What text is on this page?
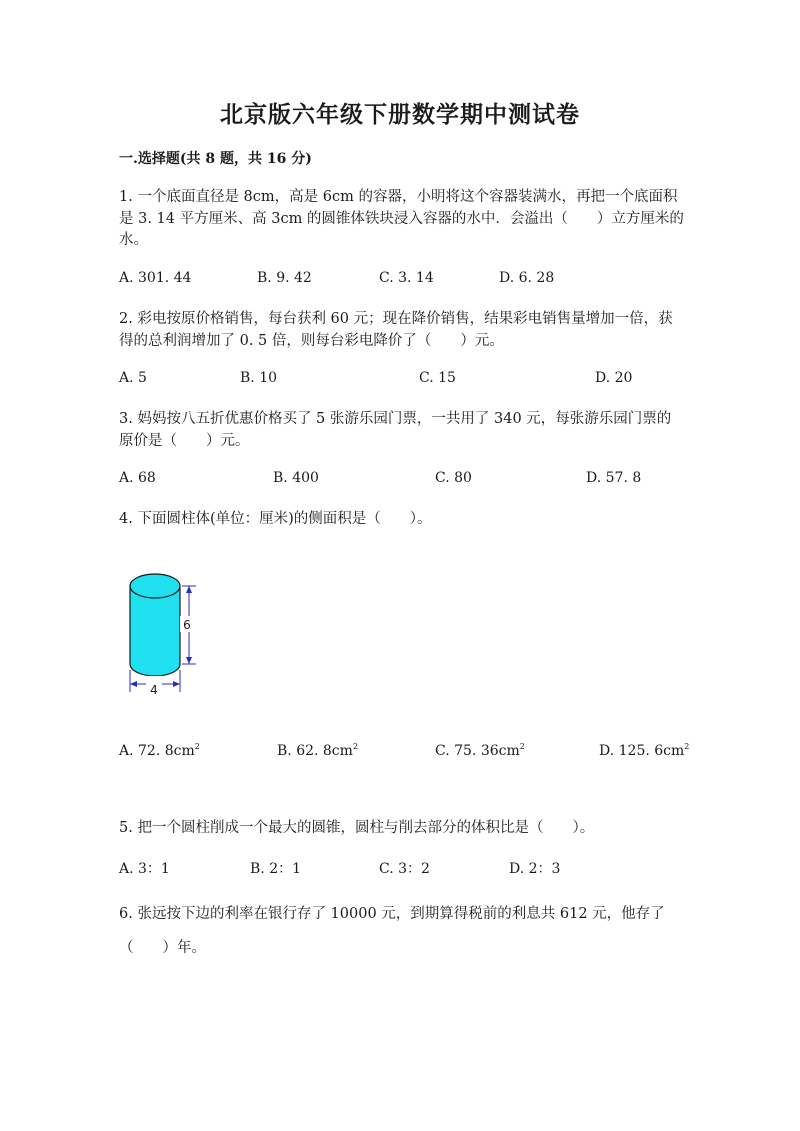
北京版六年级下册数学期中测试卷
一.选择题(共 8 题，共 16 分)
1. 一个底面直径是 8cm，高是 6cm 的容器，小明将这个容器装满水，再把一个底面积是 3. 14 平方厘米、高 3cm 的圆锥体铁块浸入容器的水中．会溢出（　　）立方厘米的水。
A. 301. 44	B. 9. 42	C. 3. 14	D. 6. 28
2. 彩电按原价格销售，每台获利 60 元；现在降价销售，结果彩电销售量增加一倍，获得的总利润增加了 0. 5 倍，则每台彩电降价了（　　）元。
A. 5	B. 10	C. 15	D. 20
3. 妈妈按八五折优惠价格买了 5 张游乐园门票，一共用了 340 元，每张游乐园门票的原价是（　　）元。
A. 68	B. 400	C. 80	D. 57. 8
4. 下面圆柱体(单位：厘米)的侧面积是（　　）。
6
4
A. 72. $8cm^2$	B. 62. $8cm^2$	C. 75. $36cm^2$	D. 125. $6cm^2$
5. 把一个圆柱削成一个最大的圆锥，圆柱与削去部分的体积比是（　　）。
A. 3：1	B. 2：1	C. 3：2	D. 2：3
6. 张远按下边的利率在银行存了 10000 元，到期算得税前的利息共 612 元，他存了（　　）年。
